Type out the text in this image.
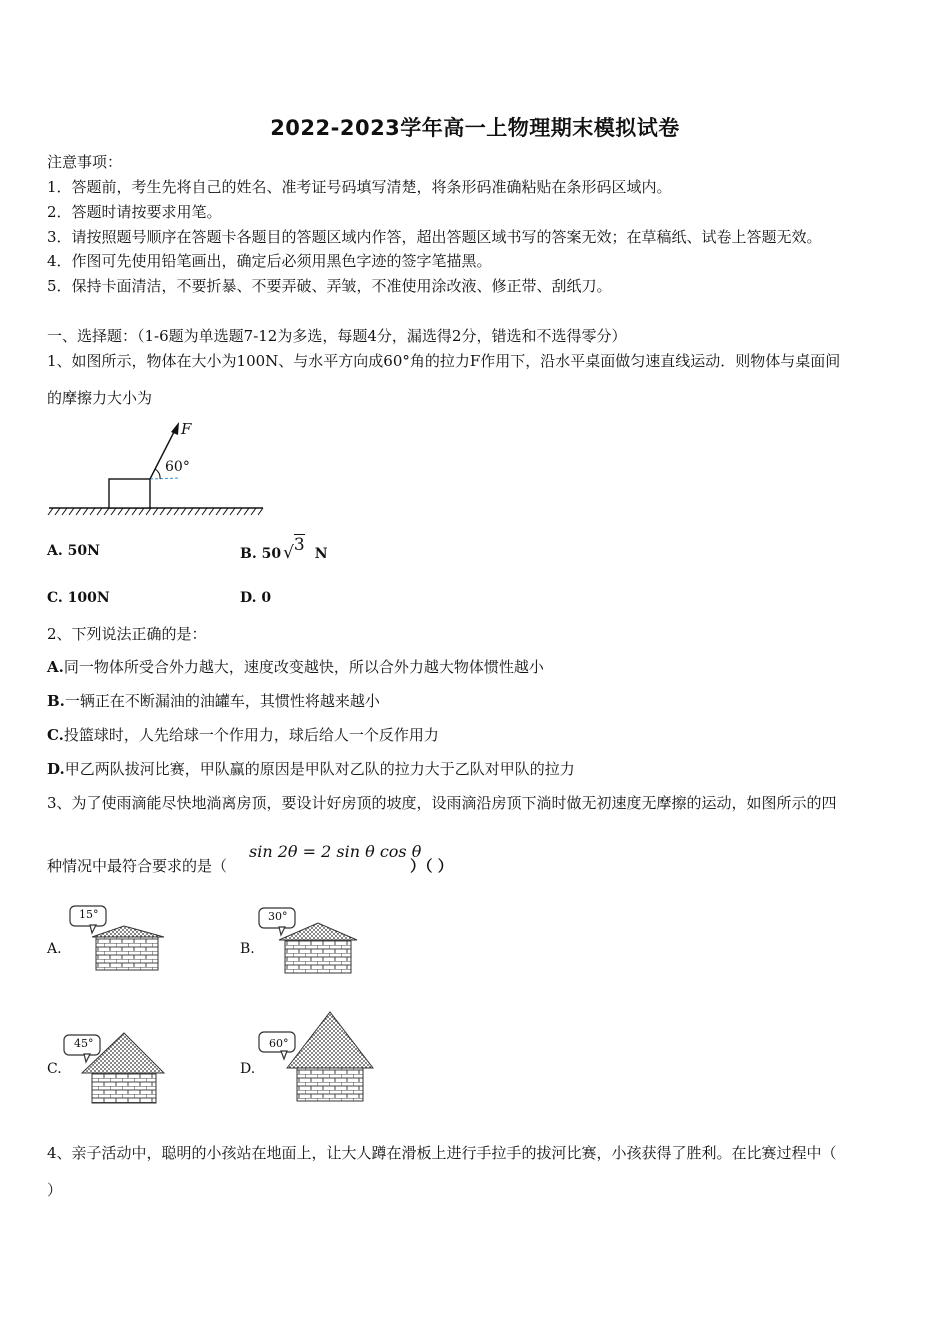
2022-2023学年高一上物理期末模拟试卷
注意事项：
1．答题前，考生先将自己的姓名、准考证号码填写清楚，将条形码准确粘贴在条形码区域内。
2．答题时请按要求用笔。
3．请按照题号顺序在答题卡各题目的答题区域内作答，超出答题区域书写的答案无效；在草稿纸、试卷上答题无效。
4．作图可先使用铅笔画出，确定后必须用黑色字迹的签字笔描黑。
5．保持卡面清洁，不要折暴、不要弄破、弄皱，不准使用涂改液、修正带、刮纸刀。
一、选择题：（1-6题为单选题7-12为多选，每题4分，漏选得2分，错选和不选得零分）
1、如图所示，物体在大小为100N、与水平方向成60°角的拉力F作用下，沿水平桌面做匀速直线运动．则物体与桌面间
的摩擦力大小为
F
60°
A. 50N	B. 50 √3 N
C. 100N	D. 0
2、下列说法正确的是：
A.同一物体所受合外力越大，速度改变越快，所以合外力越大物体惯性越小
B.一辆正在不断漏油的油罐车，其惯性将越来越小
C.投篮球时，人先给球一个作用力，球后给人一个反作用力
D.甲乙两队拔河比赛，甲队赢的原因是甲队对乙队的拉力大于乙队对甲队的拉力
3、为了使雨滴能尽快地淌离房顶，要设计好房顶的坡度，设雨滴沿房顶下淌时做无初速度无摩擦的运动，如图所示的四
种情况中最符合要求的是（
sin 2θ = 2 sin θ cos θ
）（ ）
A.
15°
B.
30°
C.
45°
D.
60°
4、亲子活动中，聪明的小孩站在地面上，让大人蹲在滑板上进行手拉手的拔河比赛，小孩获得了胜利。在比赛过程中（
）
